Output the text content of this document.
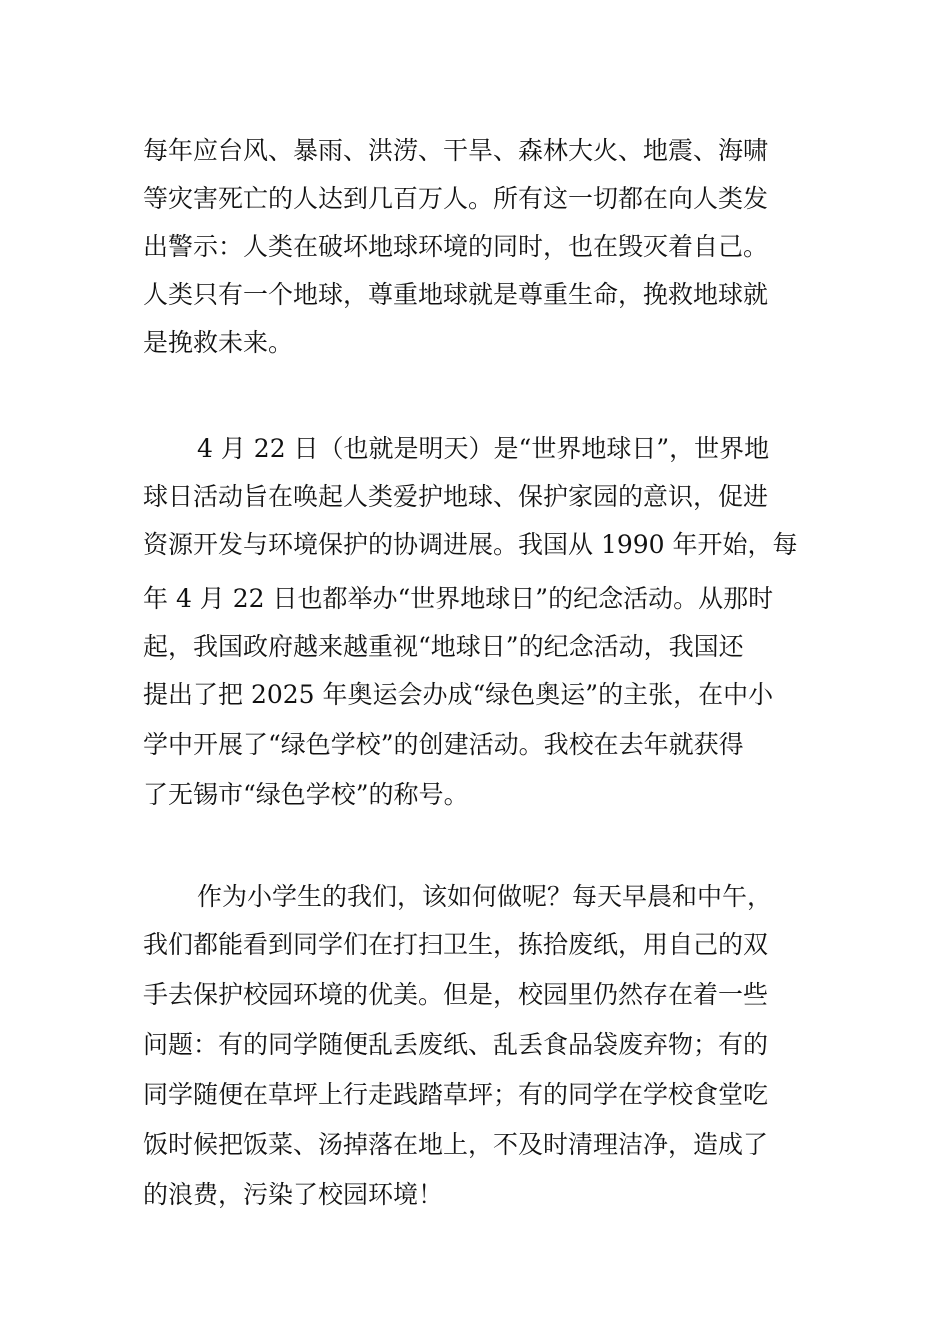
每年应台风、暴雨、洪涝、干旱、森林大火、地震、海啸
等灾害死亡的人达到几百万人。所有这一切都在向人类发
出警示：人类在破坏地球环境的同时，也在毁灭着自己。
人类只有一个地球，尊重地球就是尊重生命，挽救地球就
是挽救未来。
4 月 22 日（也就是明天）是“世界地球日”，世界地
球日活动旨在唤起人类爱护地球、保护家园的意识，促进
资源开发与环境保护的协调进展。我国从 1990 年开始，每
年 4 月 22 日也都举办“世界地球日”的纪念活动。从那时
起，我国政府越来越重视“地球日”的纪念活动，我国还
提出了把 2025 年奥运会办成“绿色奥运”的主张，在中小
学中开展了“绿色学校”的创建活动。我校在去年就获得
了无锡市“绿色学校”的称号。
作为小学生的我们，该如何做呢？每天早晨和中午，
我们都能看到同学们在打扫卫生，拣拾废纸，用自己的双
手去保护校园环境的优美。但是，校园里仍然存在着一些
问题：有的同学随便乱丢废纸、乱丢食品袋废弃物；有的
同学随便在草坪上行走践踏草坪；有的同学在学校食堂吃
饭时候把饭菜、汤掉落在地上，不及时清理洁净，造成了
的浪费，污染了校园环境！
